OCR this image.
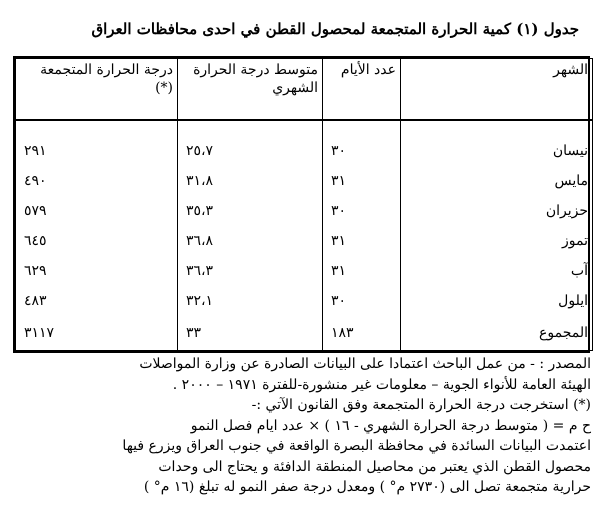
جدول (١) كمية الحرارة المتجمعة لمحصول القطن في احدى محافظات العراق
الشهر	عدد الأيام	متوسط درجة الحرارة الشهري	درجة الحرارة المتجمعة (*)

نيسان	٣٠	٢٥،٧	٢٩١
مايس	٣١	٣١،٨	٤٩٠
حزيران	٣٠	٣٥،٣	٥٧٩
تموز	٣١	٣٦،٨	٦٤٥
آب	٣١	٣٦،٣	٦٢٩
ايلول	٣٠	٣٢،١	٤٨٣
المجموع	١٨٣	٣٣	٣١١٧

المصدر : - من عمل الباحث اعتمادا على البيانات الصادرة عن وزارة المواصلات

الهيئة العامة للأنواء الجوية – معلومات غير منشورة-للفترة ١٩٧١ – ٢٠٠٠ .

(*) استخرجت درجة الحرارة المتجمعة وفق القانون الآتي :-

ح م = ( متوسط درجة الحرارة الشهري - ١٦ ) × عدد ايام فصل النمو

اعتمدت البيانات السائدة في محافظة البصرة الواقعة في جنوب العراق ويزرع فيها

محصول القطن الذي يعتبر من محاصيل المنطقة الدافئة و يحتاج الى وحدات

حرارية متجمعة تصل الى (٢٧٣٠ م° ) ومعدل درجة صفر النمو له تبلغ (١٦ م° )
